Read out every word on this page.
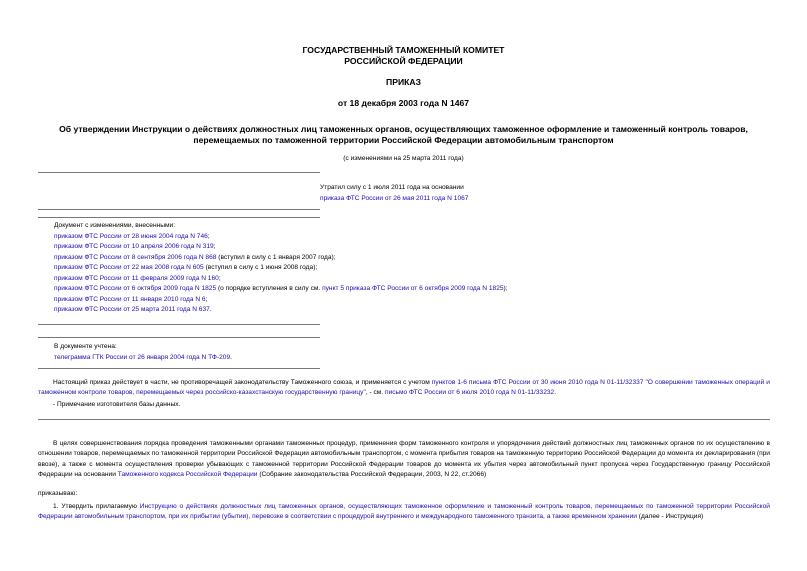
ГОСУДАРСТВЕННЫЙ ТАМОЖЕННЫЙ КОМИТЕТ
РОССИЙСКОЙ ФЕДЕРАЦИИ
ПРИКАЗ
от 18 декабря 2003 года N 1467
Об утверждении Инструкции о действиях должностных лиц таможенных органов, осуществляющих таможенное оформление и таможенный контроль товаров, перемещаемых по таможенной территории Российской Федерации автомобильным транспортом
(с изменениями на 25 марта 2011 года)
Утратил силу с 1 июля 2011 года на основании
приказа ФТС России от 26 мая 2011 года N 1067
Документ с изменениями, внесенными:
приказом ФТС России от 28 июня 2004 года N 746;
приказом ФТС России от 10 апреля 2006 года N 319;
приказом ФТС России от 8 сентября 2006 года N 868 (вступил в силу с 1 января 2007 года);
приказом ФТС России от 22 мая 2008 года N 605 (вступил в силу с 1 июня 2008 года);
приказом ФТС России от 11 февраля 2009 года N 160;
приказом ФТС России от 6 октября 2009 года N 1825 (о порядке вступления в силу см. пункт 5 приказа ФТС России от 6 октября 2009 года N 1825);
приказом ФТС России от 11 января 2010 года N 6;
приказом ФТС России от 25 марта 2011 года N 637.
В документе учтена:
телеграмма ГТК России от 26 января 2004 года N ТФ-209.
Настоящий приказ действует в части, не противоречащей законодательству Таможенного союза, и применяется с учетом пунктов 1-6 письма ФТС России от 30 июня 2010 года N 01-11/32337 "О совершении таможенных операций и таможенном контроле товаров, перемещаемых через российско-казахстанскую государственную границу", - см. письмо ФТС России от 6 июля 2010 года N 01-11/33232.
- Примечание изготовителя базы данных.
В целях совершенствования порядка проведения таможенными органами таможенных процедур, применения форм таможенного контроля и упорядочения действий должностных лиц таможенных органов по их осуществлению в отношении товаров, перемещаемых по таможенной территории Российской Федерации автомобильным транспортом, с момента прибытия товаров на таможенную территорию Российской Федерации до момента их декларирования (при ввозе), а также с момента осуществления проверки убывающих с таможенной территории Российской Федерации товаров до момента их убытия через автомобильный пункт пропуска через Государственную границу Российской Федерации на основании Таможенного кодекса Российской Федерации (Собрание законодательства Российской Федерации, 2003, N 22, ст.2066)
приказываю:
1. Утвердить прилагаемую Инструкцию о действиях должностных лиц таможенных органов, осуществляющих таможенное оформление и таможенный контроль товаров, перемещаемых по таможенной территории Российской Федерации автомобильным транспортом, при их прибытии (убытии), перевозке в соответствии с процедурой внутреннего и международного таможенного транзита, а также временном хранении (далее - Инструкция)
